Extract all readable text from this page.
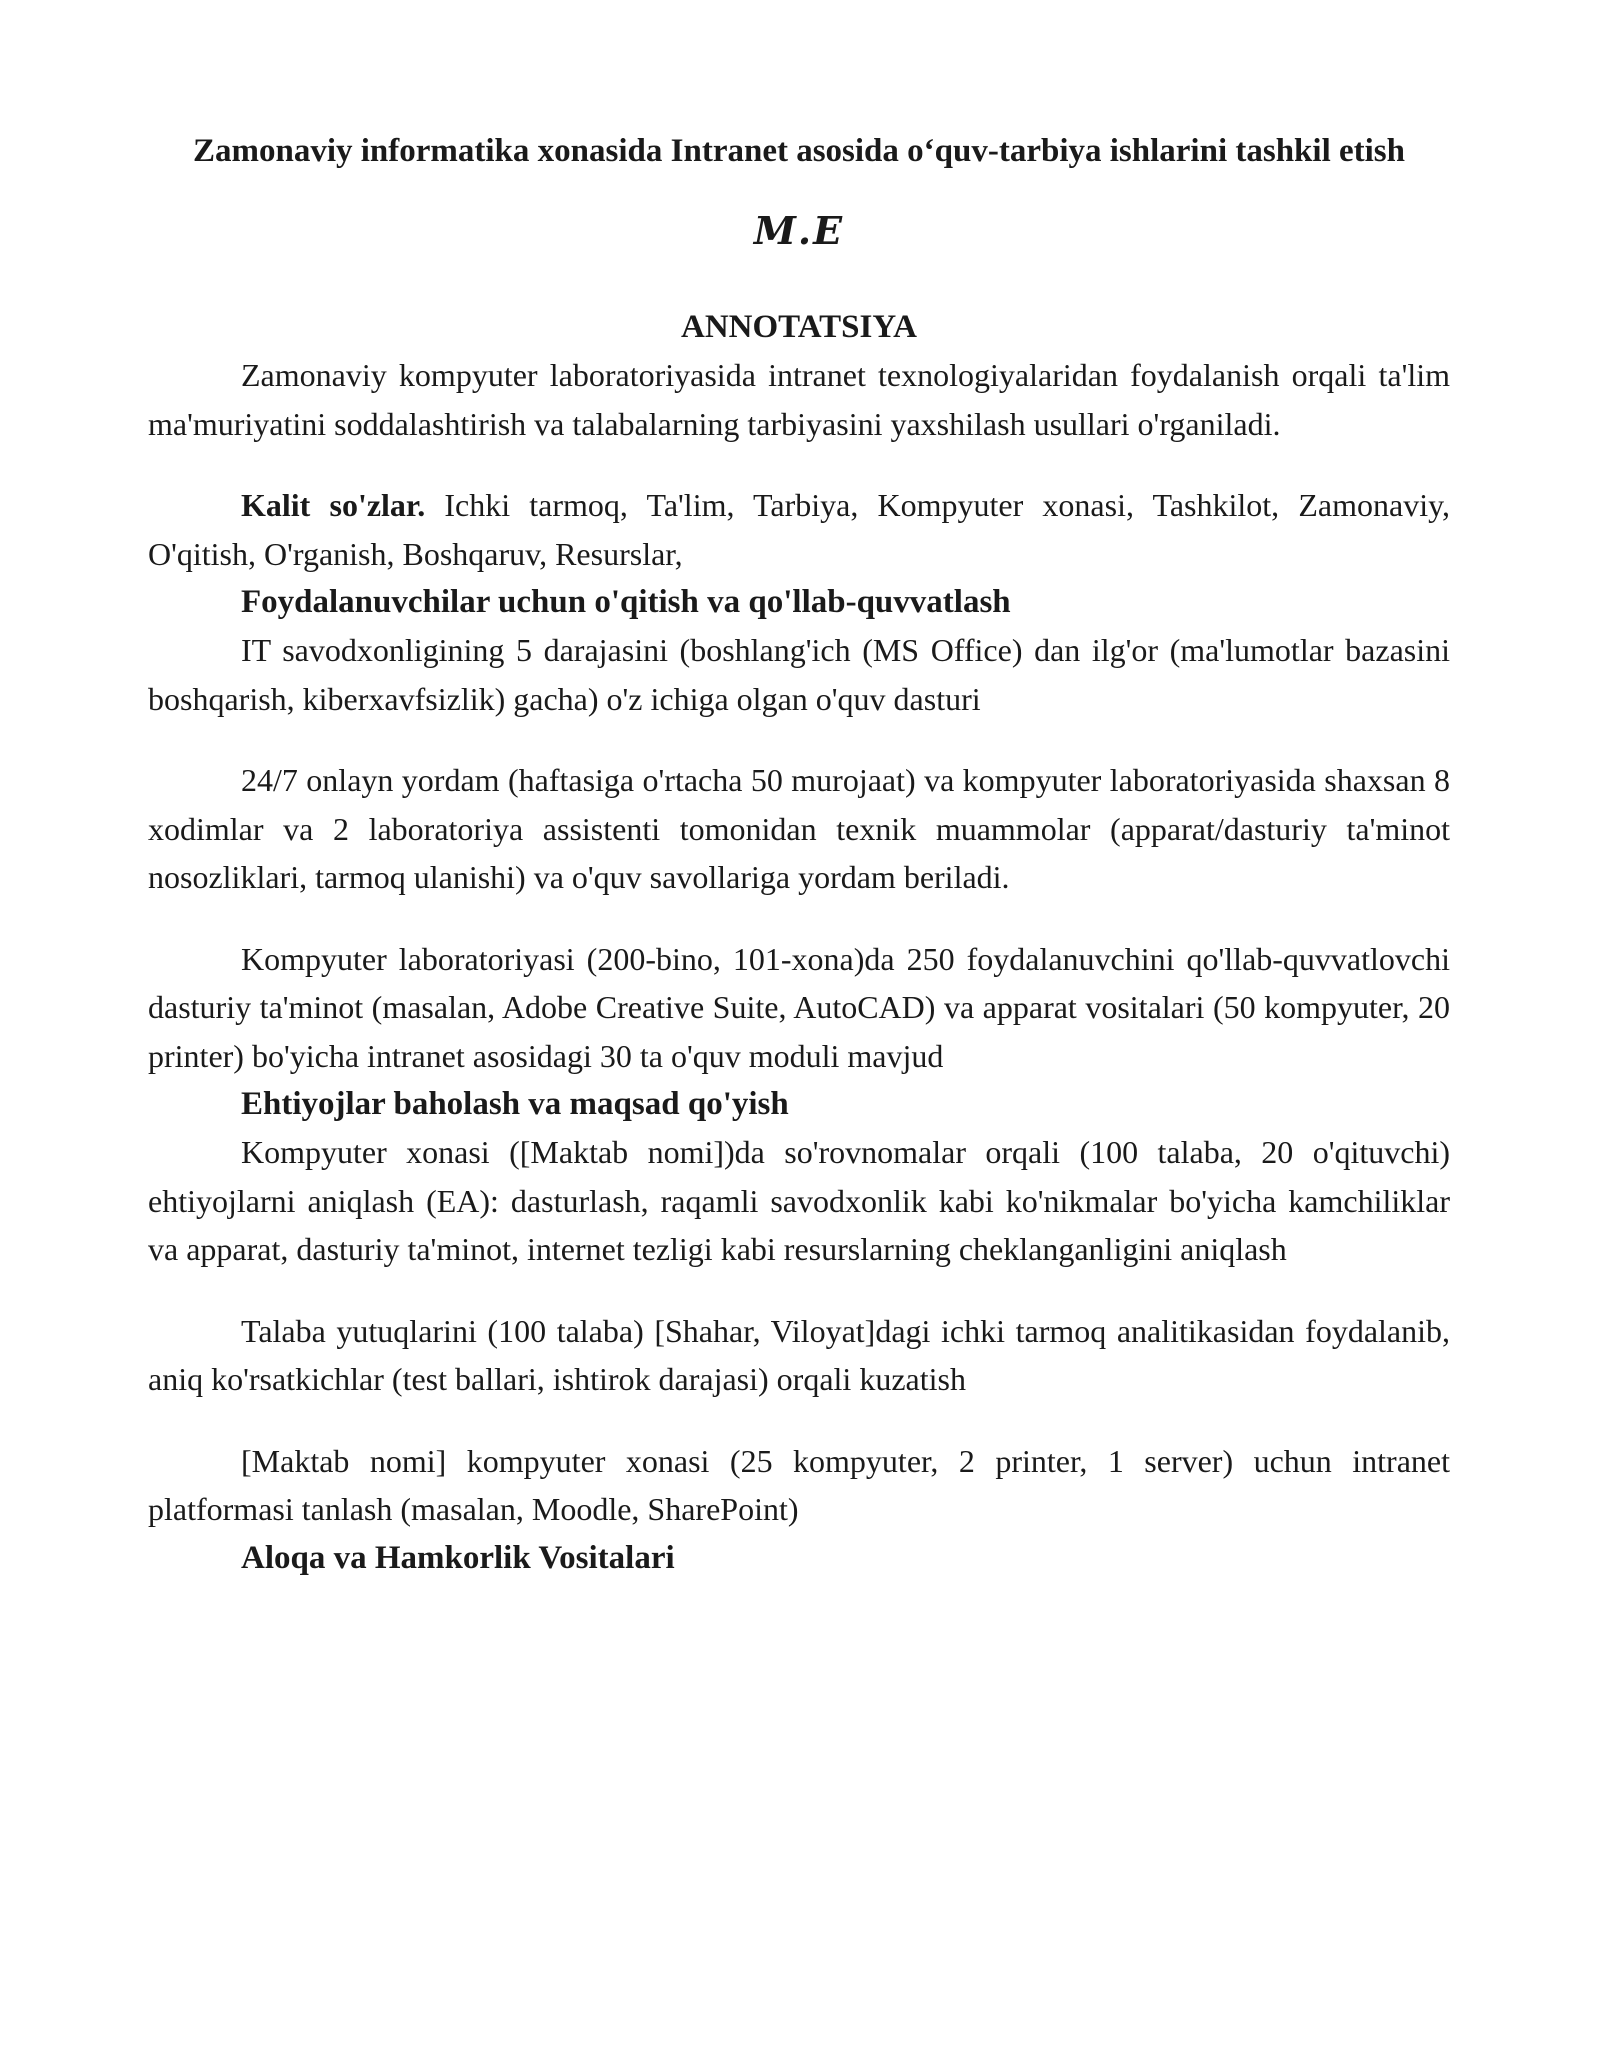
Zamonaviy informatika xonasida Intranet asosida o‘quv-tarbiya ishlarini tashkil etish
M.E
ANNOTATSIYA

Zamonaviy kompyuter laboratoriyasida intranet texnologiyalaridan foydalanish orqali ta'lim ma'muriyatini soddalashtirish va talabalarning tarbiyasini yaxshilash usullari o'rganiladi.

Kalit so'zlar. Ichki tarmoq, Ta'lim, Tarbiya, Kompyuter xonasi, Tashkilot, Zamonaviy, O'qitish, O'rganish, Boshqaruv, Resurslar,

Foydalanuvchilar uchun o'qitish va qo'llab-quvvatlash

IT savodxonligining 5 darajasini (boshlang'ich (MS Office) dan ilg'or (ma'lumotlar bazasini boshqarish, kiberxavfsizlik) gacha) o'z ichiga olgan o'quv dasturi

24/7 onlayn yordam (haftasiga o'rtacha 50 murojaat) va kompyuter laboratoriyasida shaxsan 8 xodimlar va 2 laboratoriya assistenti tomonidan texnik muammolar (apparat/dasturiy ta'minot nosozliklari, tarmoq ulanishi) va o'quv savollariga yordam beriladi.

Kompyuter laboratoriyasi (200-bino, 101-xona)da 250 foydalanuvchini qo'llab-quvvatlovchi dasturiy ta'minot (masalan, Adobe Creative Suite, AutoCAD) va apparat vositalari (50 kompyuter, 20 printer) bo'yicha intranet asosidagi 30 ta o'quv moduli mavjud

Ehtiyojlar baholash va maqsad qo'yish

Kompyuter xonasi ([Maktab nomi])da so'rovnomalar orqali (100 talaba, 20 o'qituvchi) ehtiyojlarni aniqlash (EA): dasturlash, raqamli savodxonlik kabi ko'nikmalar bo'yicha kamchiliklar va apparat, dasturiy ta'minot, internet tezligi kabi resurslarning cheklanganligini aniqlash

Talaba yutuqlarini (100 talaba) [Shahar, Viloyat]dagi ichki tarmoq analitikasidan foydalanib, aniq ko'rsatkichlar (test ballari, ishtirok darajasi) orqali kuzatish

[Maktab nomi] kompyuter xonasi (25 kompyuter, 2 printer, 1 server) uchun intranet platformasi tanlash (masalan, Moodle, SharePoint)

Aloqa va Hamkorlik Vositalari
